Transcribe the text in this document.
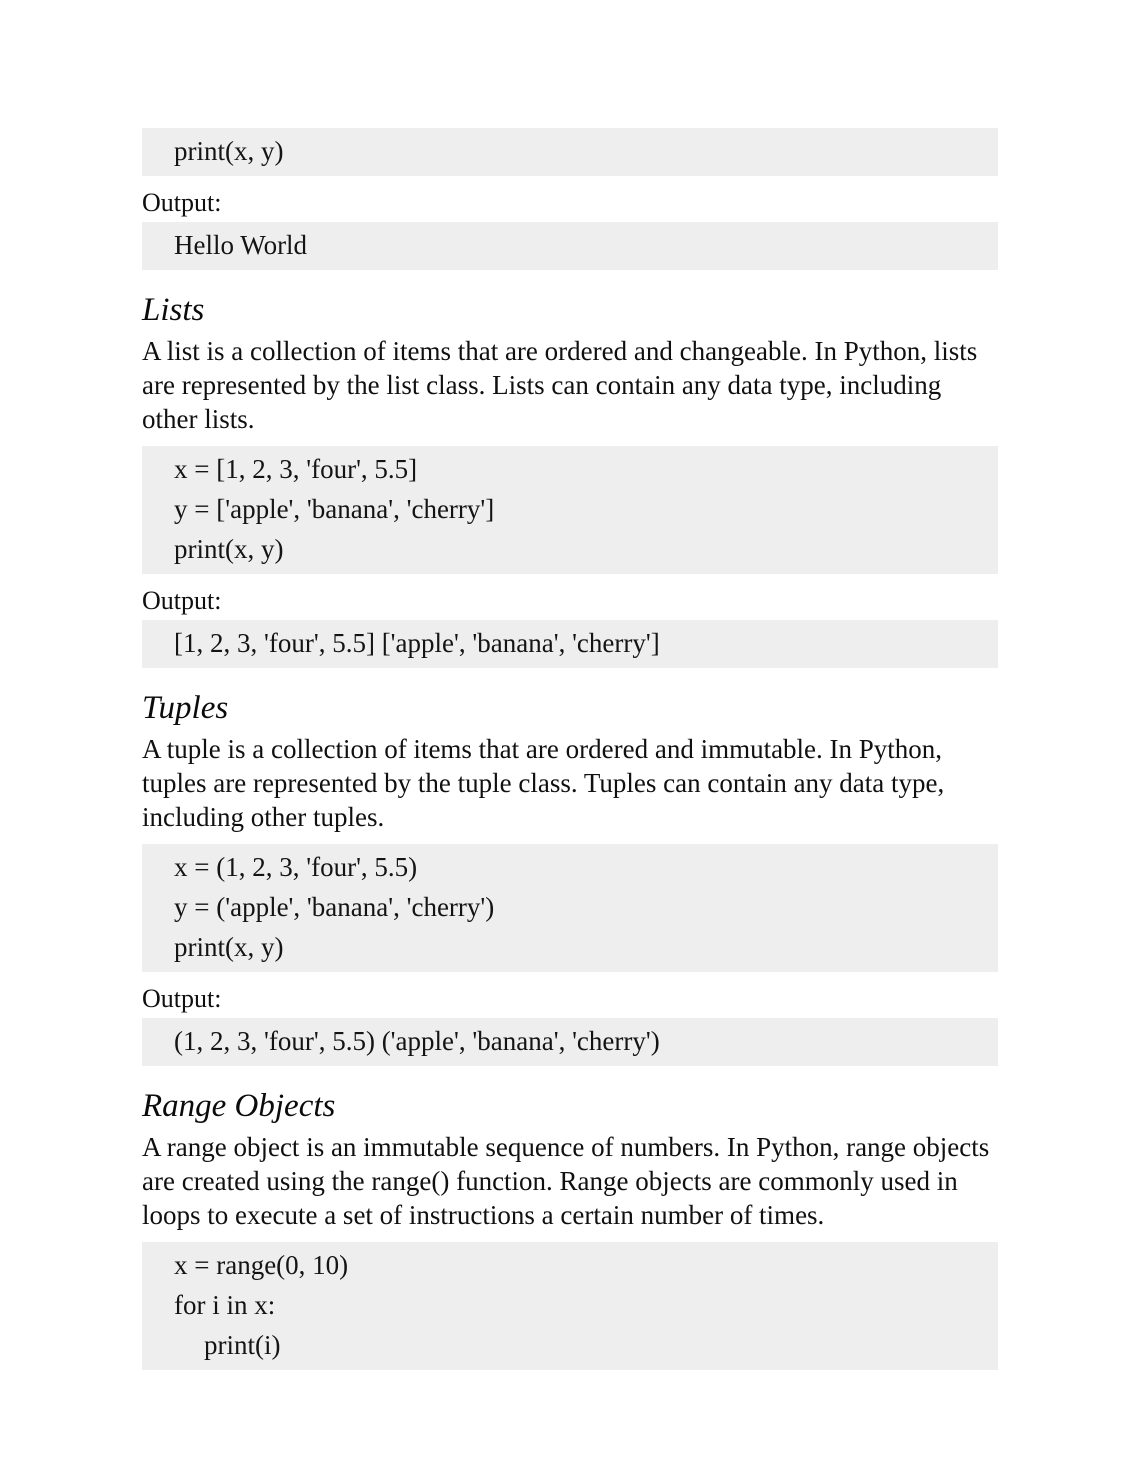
print(x, y)
Output:
Hello World
Lists

A list is a collection of items that are ordered and changeable. In Python, lists are represented by the list class. Lists can contain any data type, including other lists.

x = [1, 2, 3, 'four', 5.5]
y = ['apple', 'banana', 'cherry']
print(x, y)
Output:
[1, 2, 3, 'four', 5.5] ['apple', 'banana', 'cherry']
Tuples

A tuple is a collection of items that are ordered and immutable. In Python, tuples are represented by the tuple class. Tuples can contain any data type, including other tuples.

x = (1, 2, 3, 'four', 5.5)
y = ('apple', 'banana', 'cherry')
print(x, y)
Output:
(1, 2, 3, 'four', 5.5) ('apple', 'banana', 'cherry')
Range Objects

A range object is an immutable sequence of numbers. In Python, range objects are created using the range() function. Range objects are commonly used in loops to execute a set of instructions a certain number of times.

x = range(0, 10)
for i in x:
print(i)
